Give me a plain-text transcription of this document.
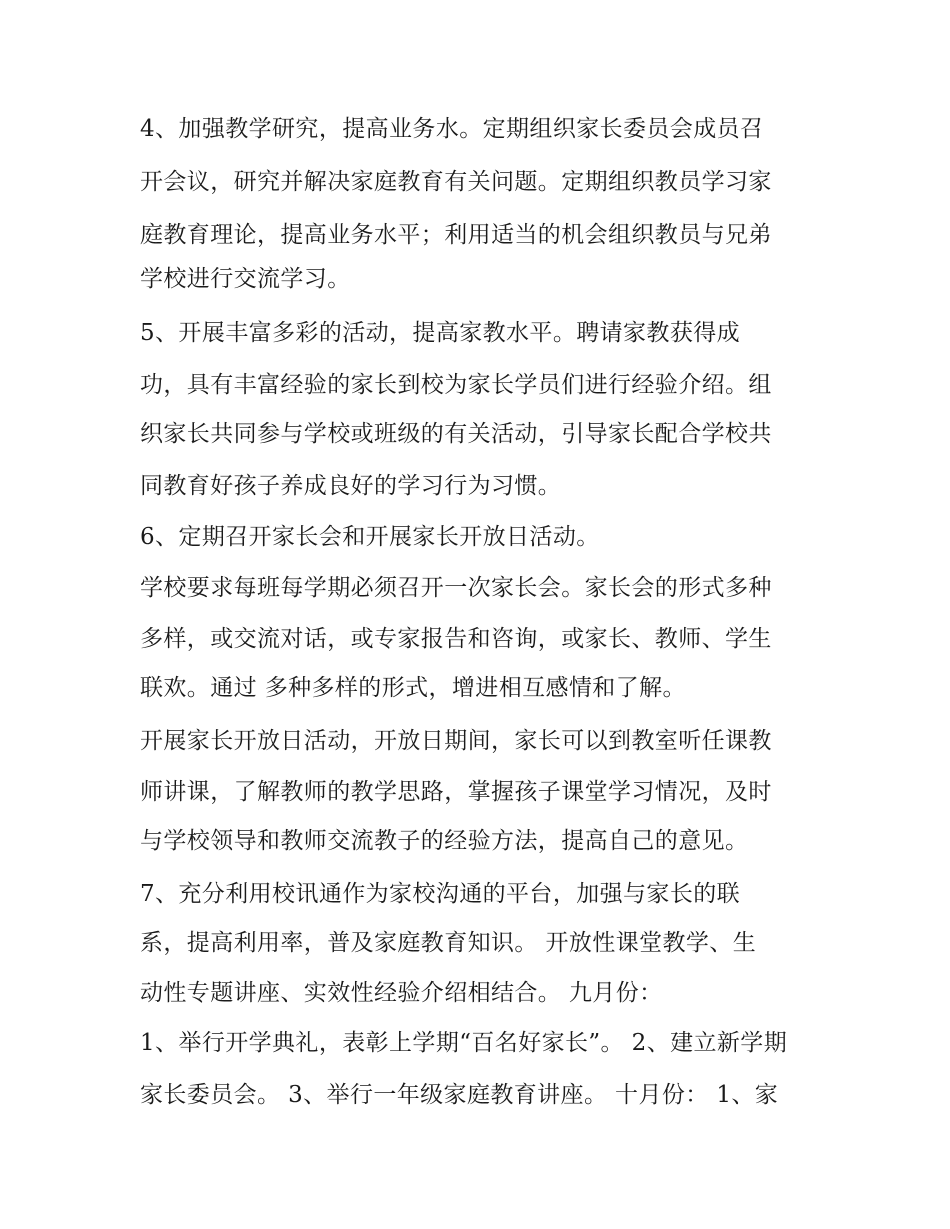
4、加强教学研究，提高业务水。定期组织家长委员会成员召
开会议，研究并解决家庭教育有关问题。定期组织教员学习家
庭教育理论，提高业务水平；利用适当的机会组织教员与兄弟
学校进行交流学习。
5、开展丰富多彩的活动，提高家教水平。聘请家教获得成
功，具有丰富经验的家长到校为家长学员们进行经验介绍。组
织家长共同参与学校或班级的有关活动，引导家长配合学校共
同教育好孩子养成良好的学习行为习惯。
6、定期召开家长会和开展家长开放日活动。
学校要求每班每学期必须召开一次家长会。家长会的形式多种
多样，或交流对话，或专家报告和咨询，或家长、教师、学生
联欢。通过 多种多样的形式，增进相互感情和了解。
开展家长开放日活动，开放日期间，家长可以到教室听任课教
师讲课，了解教师的教学思路，掌握孩子课堂学习情况，及时
与学校领导和教师交流教子的经验方法，提高自己的意见。
7、充分利用校讯通作为家校沟通的平台，加强与家长的联
系，提高利用率，普及家庭教育知识。 开放性课堂教学、生
动性专题讲座、实效性经验介绍相结合。 九月份：
1、举行开学典礼，表彰上学期“百名好家长”。 2、建立新学期
家长委员会。 3、举行一年级家庭教育讲座。 十月份： 1、家
